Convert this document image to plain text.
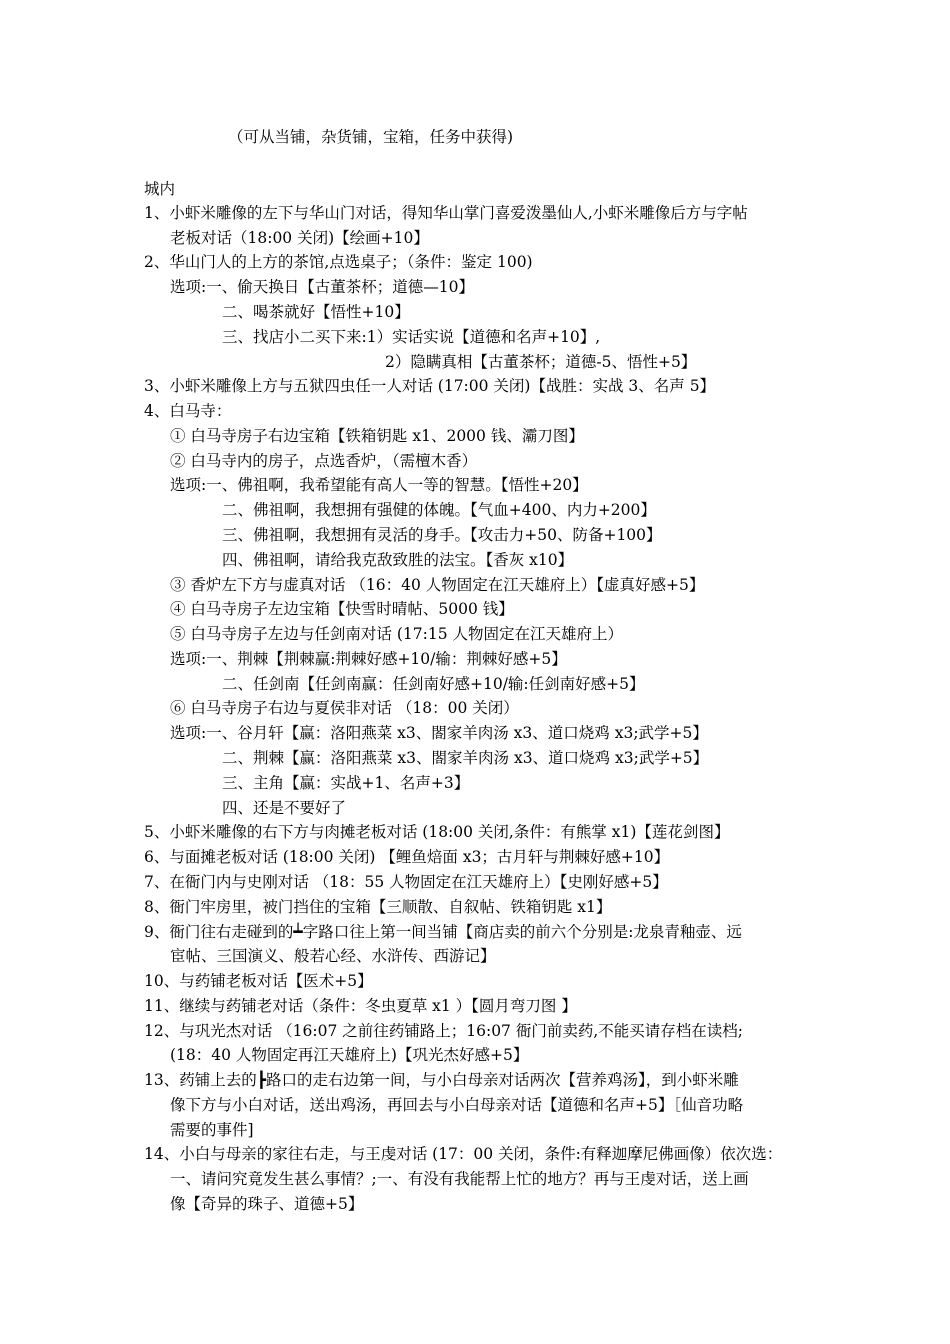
（可从当铺，杂货铺，宝箱，任务中获得)
城内
1、小虾米雕像的左下与华山门对话，得知华山掌门喜爱泼墨仙人,小虾米雕像后方与字帖
老板对话（18:00 关闭)【绘画+10】
2、华山门人的上方的茶馆,点选桌子；（条件：鉴定 100)
选项:一、偷天换日【古董茶杯；道德—10】
二、喝茶就好【悟性+10】
三、找店小二买下来:1）实话实说【道德和名声+10】,
2）隐瞒真相【古董茶杯；道德-5、悟性+5】
3、小虾米雕像上方与五狱四虫任一人对话 (17:00 关闭)【战胜：实战 3、名声 5】
4、白马寺：
① 白马寺房子右边宝箱【铁箱钥匙 x1、2000 钱、灞刀图】
② 白马寺内的房子，点选香炉，（需檀木香）
选项:一、佛祖啊，我希望能有高人一等的智慧。【悟性+20】
二、佛祖啊，我想拥有强健的体魄。【气血+400、内力+200】
三、佛祖啊，我想拥有灵活的身手。【攻击力+50、防备+100】
四、佛祖啊，请给我克敌致胜的法宝。【香灰 x10】
③ 香炉左下方与虚真对话 （16：40 人物固定在江天雄府上）【虚真好感+5】
④ 白马寺房子左边宝箱【快雪时晴帖、5000 钱】
⑤ 白马寺房子左边与任剑南对话 (17:15 人物固定在江天雄府上）
选项:一、荆棘【荆棘赢:荆棘好感+10/输：荆棘好感+5】
二、任剑南【任剑南赢：任剑南好感+10/输:任剑南好感+5】
⑥ 白马寺房子右边与夏侯非对话 （18：00 关闭）
选项:一、谷月轩【赢：洛阳燕菜 x3、閤家羊肉汤 x3、道口烧鸡 x3;武学+5】
二、荆棘【赢：洛阳燕菜 x3、閤家羊肉汤 x3、道口烧鸡 x3;武学+5】
三、主角【赢：实战+1、名声+3】
四、还是不要好了
5、小虾米雕像的右下方与肉摊老板对话 (18:00 关闭,条件：有熊掌 x1)【莲花剑图】
6、与面摊老板对话 (18:00 关闭) 【鲤鱼焙面 x3；古月轩与荆棘好感+10】
7、在衙门内与史刚对话 （18：55 人物固定在江天雄府上）【史刚好感+5】
8、衙门牢房里，被门挡住的宝箱【三顺散、自叙帖、铁箱钥匙 x1】
9、衙门往右走碰到的┷字路口往上第一间当铺【商店卖的前六个分别是:龙泉青釉壶、远
宦帖、三国演义、般若心经、水浒传、西游记】
10、与药铺老板对话【医术+5】
11、继续与药铺老对话（条件：冬虫夏草 x1 ）【圆月弯刀图 】
12、与巩光杰对话 （16:07 之前往药铺路上；16:07 衙门前卖药,不能买请存档在读档;
(18：40 人物固定再江天雄府上)【巩光杰好感+5】
13、药铺上去的┣路口的走右边第一间，与小白母亲对话两次【营养鸡汤】，到小虾米雕
像下方与小白对话，送出鸡汤，再回去与小白母亲对话【道德和名声+5】［仙音功略
需要的事件]
14、小白与母亲的家往右走，与王虔对话 (17：00 关闭，条件:有释迦摩尼佛画像）依次选：
一、请问究竟发生甚么事情？;一、有没有我能帮上忙的地方？再与王虔对话，送上画
像【奇异的珠子、道德+5】
